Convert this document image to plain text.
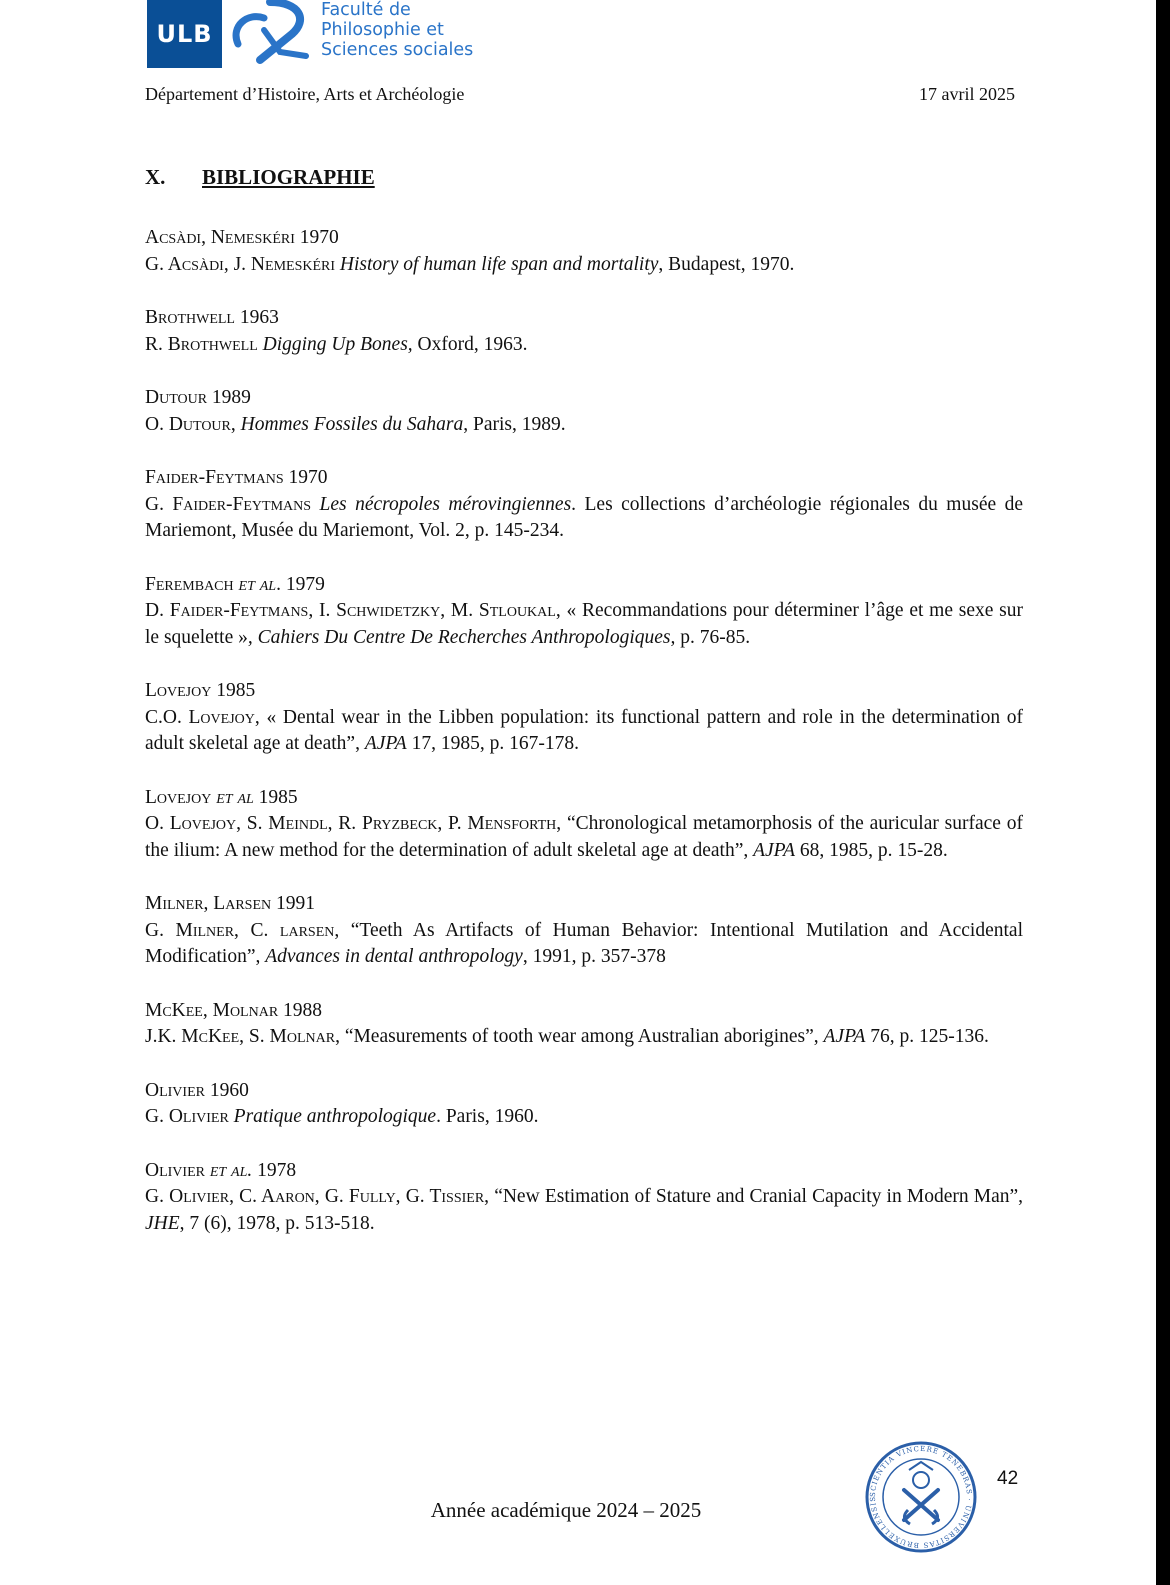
ULB
Faculté de
Philosophie et
Sciences sociales
Département d’Histoire, Arts et Archéologie	17 avril 2025
X. BIBLIOGRAPHIE
Acsàdi, Nemeskéri 1970
G. Acsàdi, J. Nemeskéri History of human life span and mortality, Budapest, 1970.
Brothwell 1963
R. Brothwell Digging Up Bones, Oxford, 1963.
Dutour 1989
O. Dutour, Hommes Fossiles du Sahara, Paris, 1989.
Faider-Feytmans 1970
G. Faider-Feytmans Les nécropoles mérovingiennes. Les collections d’archéologie régionales du musée de Mariemont, Musée du Mariemont, Vol. 2, p. 145-234.
Ferembach et al. 1979
D. Faider-Feytmans, I. Schwidetzky, M. Stloukal, « Recommandations pour déterminer l’âge et me sexe sur le squelette », Cahiers Du Centre De Recherches Anthropologiques, p. 76-85.
Lovejoy 1985
C.O. Lovejoy, « Dental wear in the Libben population: its functional pattern and role in the determination of adult skeletal age at death”, AJPA 17, 1985, p. 167-178.
Lovejoy et al 1985
O. Lovejoy, S. Meindl, R. Pryzbeck, P. Mensforth, “Chronological metamorphosis of the auricular surface of the ilium: A new method for the determination of adult skeletal age at death”, AJPA 68, 1985, p. 15-28.
Milner, Larsen 1991
G. Milner, C. larsen, “Teeth As Artifacts of Human Behavior: Intentional Mutilation and Accidental Modification”, Advances in dental anthropology, 1991, p. 357-378
McKee, Molnar 1988
J.K. McKee, S. Molnar, “Measurements of tooth wear among Australian aborigines”, AJPA 76, p. 125-136.
Olivier 1960
G. Olivier Pratique anthropologique. Paris, 1960.
Olivier et al. 1978
G. Olivier, C. Aaron, G. Fully, G. Tissier, “New Estimation of Stature and Cranial Capacity in Modern Man”, JHE, 7 (6), 1978, p. 513-518.
Année académique 2024 – 2025
SCIENTIA VINCERE TENEBRAS · UNIVERSITAS BRUXELLENSIS
42
